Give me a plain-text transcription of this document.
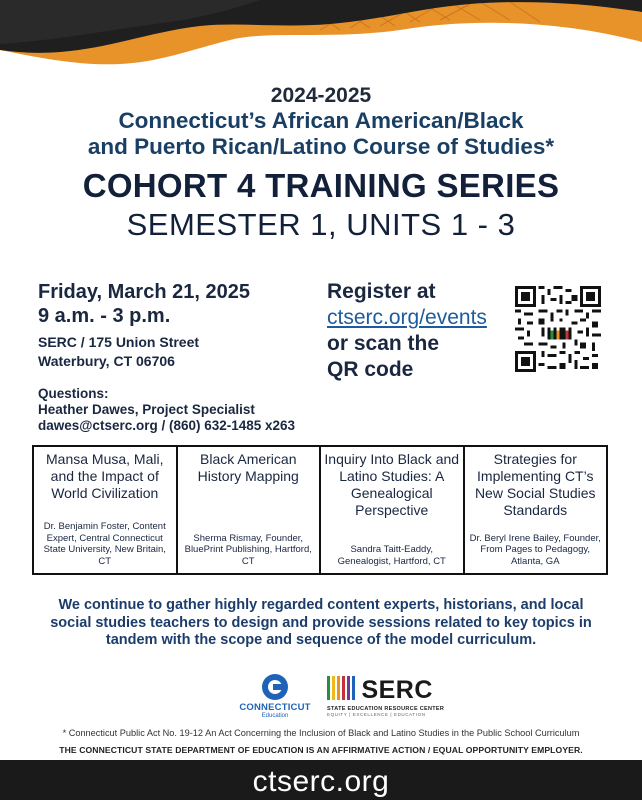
2024-2025
Connecticut’s African American/Black
and Puerto Rican/Latino Course of Studies*
COHORT 4 TRAINING SERIES
SEMESTER 1, UNITS 1 - 3
Friday, March 21, 2025
9 a.m. - 3 p.m.
SERC / 175 Union Street
Waterbury, CT 06706
Questions:
Heather Dawes, Project Specialist
dawes@ctserc.org / (860) 632-1485 x263
Register at
ctserc.org/events
or scan the
QR code
Mansa Musa, Mali, and the Impact of World Civilization
Dr. Benjamin Foster, Content Expert, Central Connecticut State University, New Britain, CT
Black American History Mapping
Sherma Rismay, Founder, BluePrint Publishing, Hartford, CT
Inquiry Into Black and Latino Studies: A Genealogical Perspective
Sandra Taitt-Eaddy, Genealogist, Hartford, CT
Strategies for Implementing CT’s New Social Studies Standards
Dr. Beryl Irene Bailey, Founder, From Pages to Pedagogy, Atlanta, GA
We continue to gather highly regarded content experts, historians, and local social studies teachers to design and provide sessions related to key topics in tandem with the scope and sequence of the model curriculum.
CONNECTICUT
Education
SERC
STATE EDUCATION RESOURCE CENTER
EQUITY | EXCELLENCE | EDUCATION
* Connecticut Public Act No. 19-12 An Act Concerning the Inclusion of Black and Latino Studies in the Public School Curriculum
THE CONNECTICUT STATE DEPARTMENT OF EDUCATION IS AN AFFIRMATIVE ACTION / EQUAL OPPORTUNITY EMPLOYER.
ctserc.org
